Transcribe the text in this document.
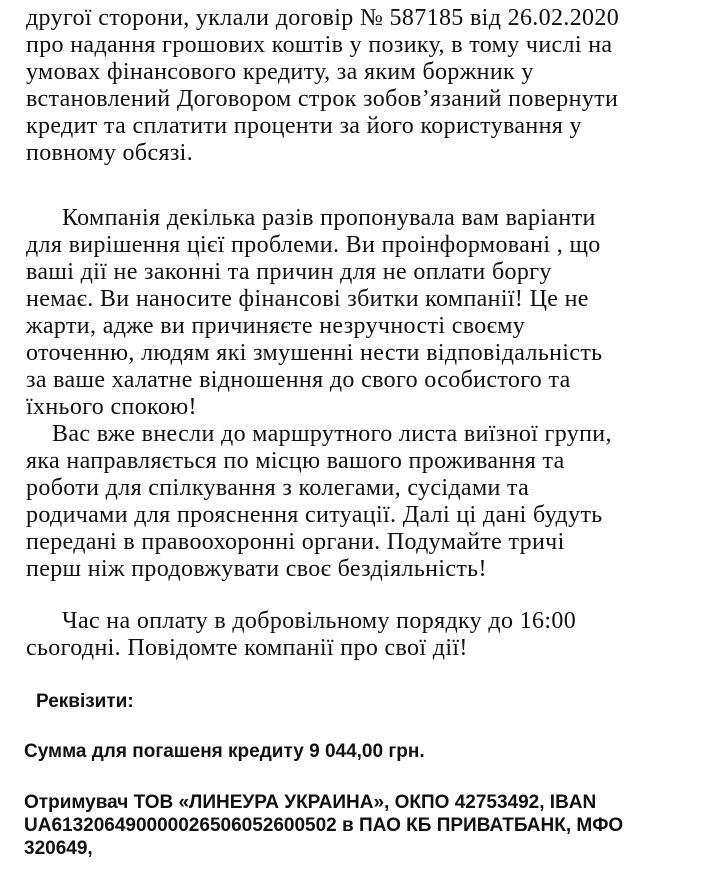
другої сторони, уклали договір № 587185 від 26.02.2020
про надання грошових коштів у позику, в тому числі на
умовах фінансового кредиту, за яким боржник у
встановлений Договором строк зобов’язаний повернути
кредит та сплатити проценти за його користування у
повному обсязі.
Компанія декілька разів пропонувала вам варіанти
для вирішення цієї проблеми. Ви проінформовані , що
ваші дії не законні та причин для не оплати боргу
немає. Ви наносите фінансові збитки компанії! Це не
жарти, адже ви причиняєте незручності своєму
оточенню, людям які змушенні нести відповідальність
за ваше халатне відношення до свого особистого та
їхнього спокою!
Вас вже внесли до маршрутного листа виїзної групи,
яка направляється по місцю вашого проживання та
роботи для спілкування з колегами, сусідами та
родичами для прояснення ситуації. Далі ці дані будуть
передані в правоохоронні органи. Подумайте тричі
перш ніж продовжувати своє бездіяльність!
Час на оплату в добровільному порядку до 16:00
сьогодні. Повідомте компанії про свої дії!
Реквізити:
Сумма для погашеня кредиту 9 044,00 грн.
Отримувач ТОВ «ЛИНЕУРА УКРАИНА», ОКПО 42753492, IBAN
UA613206490000026506052600502 в ПАО КБ ПРИВАТБАНК, МФО
320649,
